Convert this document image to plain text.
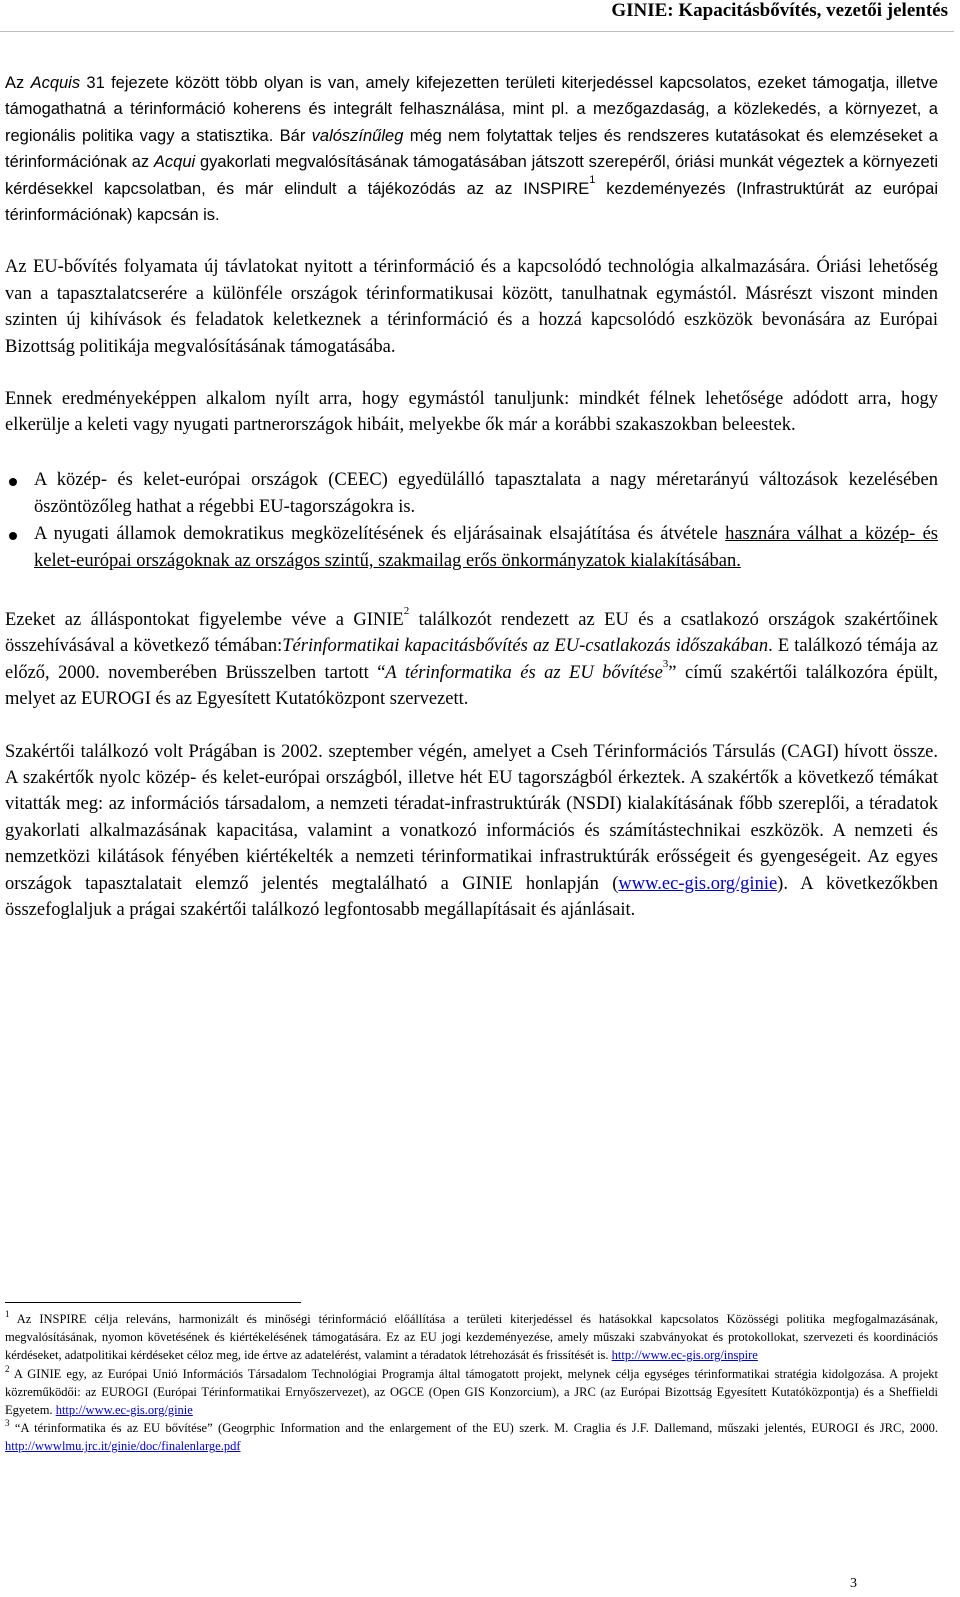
GINIE: Kapacitásbővítés, vezetői jelentés

Az Acquis 31 fejezete között több olyan is van, amely kifejezetten területi kiterjedéssel kapcsolatos, ezeket támogatja, illetve támogathatná a térinformáció koherens és integrált felhasználása, mint pl. a mezőgazdaság, a közlekedés, a környezet, a regionális politika vagy a statisztika. Bár valószínűleg még nem folytattak teljes és rendszeres kutatásokat és elemzéseket a térinformációnak az Acqui gyakorlati megvalósításának támogatásában játszott szerepéről, óriási munkát végeztek a környezeti kérdésekkel kapcsolatban, és már elindult a tájékozódás az az INSPIRE$^1$ kezdeményezés (Infrastruktúrát az európai térinformációnak) kapcsán is.

Az EU-bővítés folyamata új távlatokat nyitott a térinformáció és a kapcsolódó technológia alkalmazására. Óriási lehetőség van a tapasztalatcserére a különféle országok térinformatikusai között, tanulhatnak egymástól. Másrészt viszont minden szinten új kihívások és feladatok keletkeznek a térinformáció és a hozzá kapcsolódó eszközök bevonására az Európai Bizottság politikája megvalósításának támogatásába.

Ennek eredményeképpen alkalom nyílt arra, hogy egymástól tanuljunk: mindkét félnek lehetősége adódott arra, hogy elkerülje a keleti vagy nyugati partnerországok hibáit, melyekbe ők már a korábbi szakaszokban beleestek.

A közép- és kelet-európai országok (CEEC) egyedülálló tapasztalata a nagy méretarányú változások kezelésében öszöntözőleg hathat a régebbi EU-tagországokra is.
A nyugati államok demokratikus megközelítésének és eljárásainak elsajátítása és átvétele hasznára válhat a közép- és kelet-európai országoknak az országos szintű, szakmailag erős önkormányzatok kialakításában.

Ezeket az álláspontokat figyelembe véve a GINIE$^2$ találkozót rendezett az EU és a csatlakozó országok szakértőinek összehívásával a következő témában:Térinformatikai kapacitásbővítés az EU-csatlakozás időszakában. E találkozó témája az előző, 2000. novemberében Brüsszelben tartott “A térinformatika és az EU bővítése$^3$” című szakértői találkozóra épült, melyet az EUROGI és az Egyesített Kutatóközpont szervezett.

Szakértői találkozó volt Prágában is 2002. szeptember végén, amelyet a Cseh Térinformációs Társulás (CAGI) hívott össze. A szakértők nyolc közép- és kelet-európai országból, illetve hét EU tagországból érkeztek. A szakértők a következő témákat vitatták meg: az információs társadalom, a nemzeti téradat-infrastruktúrák (NSDI) kialakításának főbb szereplői, a téradatok gyakorlati alkalmazásának kapacitása, valamint a vonatkozó információs és számítástechnikai eszközök. A nemzeti és nemzetközi kilátások fényében kiértékelték a nemzeti térinformatikai infrastruktúrák erősségeit és gyengeségeit. Az egyes országok tapasztalatait elemző jelentés megtalálható a GINIE honlapján (www.ec-gis.org/ginie). A következőkben összefoglaljuk a prágai szakértői találkozó legfontosabb megállapításait és ajánlásait.

$^1$ Az INSPIRE célja releváns, harmonizált és minőségi térinformáció előállítása a területi kiterjedéssel és hatásokkal kapcsolatos Közösségi politika megfogalmazásának, megvalósításának, nyomon követésének és kiértékelésének támogatására. Ez az EU jogi kezdeményezése, amely műszaki szabványokat és protokollokat, szervezeti és koordinációs kérdéseket, adatpolitikai kérdéseket céloz meg, ide értve az adatelérést, valamint a téradatok létrehozását és frissítését is. http://www.ec-gis.org/inspire

$^2$ A GINIE egy, az Európai Unió Információs Társadalom Technológiai Programja által támogatott projekt, melynek célja egységes térinformatikai stratégia kidolgozása. A projekt közreműködői: az EUROGI (Európai Térinformatikai Ernyőszervezet), az OGCE (Open GIS Konzorcium), a JRC (az Európai Bizottság Egyesített Kutatóközpontja) és a Sheffieldi Egyetem. http://www.ec-gis.org/ginie

$^3$ “A térinformatika és az EU bővítése” (Geogrphic Information and the enlargement of the EU) szerk. M. Craglia és J.F. Dallemand, műszaki jelentés, EUROGI és JRC, 2000. http://wwwlmu.jrc.it/ginie/doc/finalenlarge.pdf

3
